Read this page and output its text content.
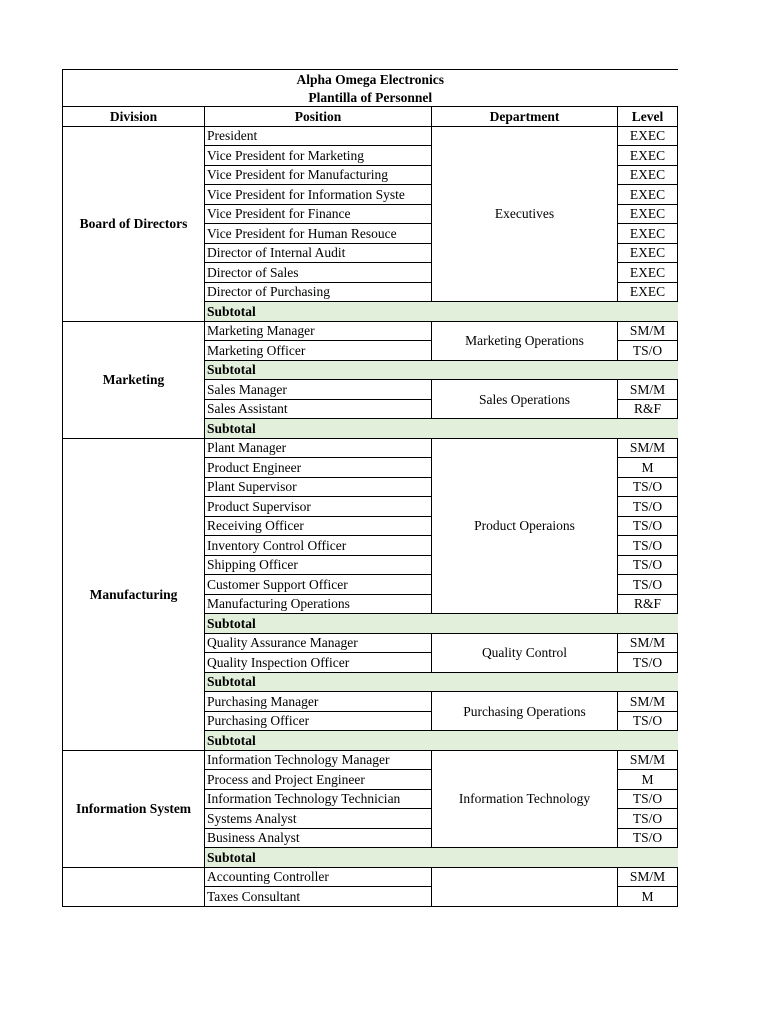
Alpha Omega Electronics			
Plantilla of Personnel			
Division	Position	Department	Level
Board of Directors	President	Executives	EXEC
	Vice President for Marketing		EXEC
	Vice President for Manufacturing		EXEC
	Vice President for Information Syste		EXEC
	Vice President for Finance		EXEC
	Vice President for Human Resouce		EXEC
	Director of Internal Audit		EXEC
	Director of Sales		EXEC
	Director of Purchasing		EXEC
	Subtotal		
Marketing	Marketing Manager	Marketing Operations	SM/M
	Marketing Officer		TS/O
	Subtotal		
	Sales Manager	Sales Operations	SM/M
	Sales Assistant		R&F
	Subtotal		
Manufacturing	Plant Manager	Product Operaions	SM/M
	Product Engineer		M
	Plant Supervisor		TS/O
	Product Supervisor		TS/O
	Receiving Officer		TS/O
	Inventory Control Officer		TS/O
	Shipping Officer		TS/O
	Customer Support Officer		TS/O
	Manufacturing Operations		R&F
	Subtotal		
	Quality Assurance Manager	Quality Control	SM/M
	Quality Inspection Officer		TS/O
	Subtotal		
	Purchasing Manager	Purchasing Operations	SM/M
	Purchasing Officer		TS/O
	Subtotal		
Information System	Information Technology Manager	Information Technology	SM/M
	Process and Project Engineer		M
	Information Technology Technician		TS/O
	Systems Analyst		TS/O
	Business Analyst		TS/O
	Subtotal		
	Accounting Controller		SM/M
	Taxes Consultant		M
